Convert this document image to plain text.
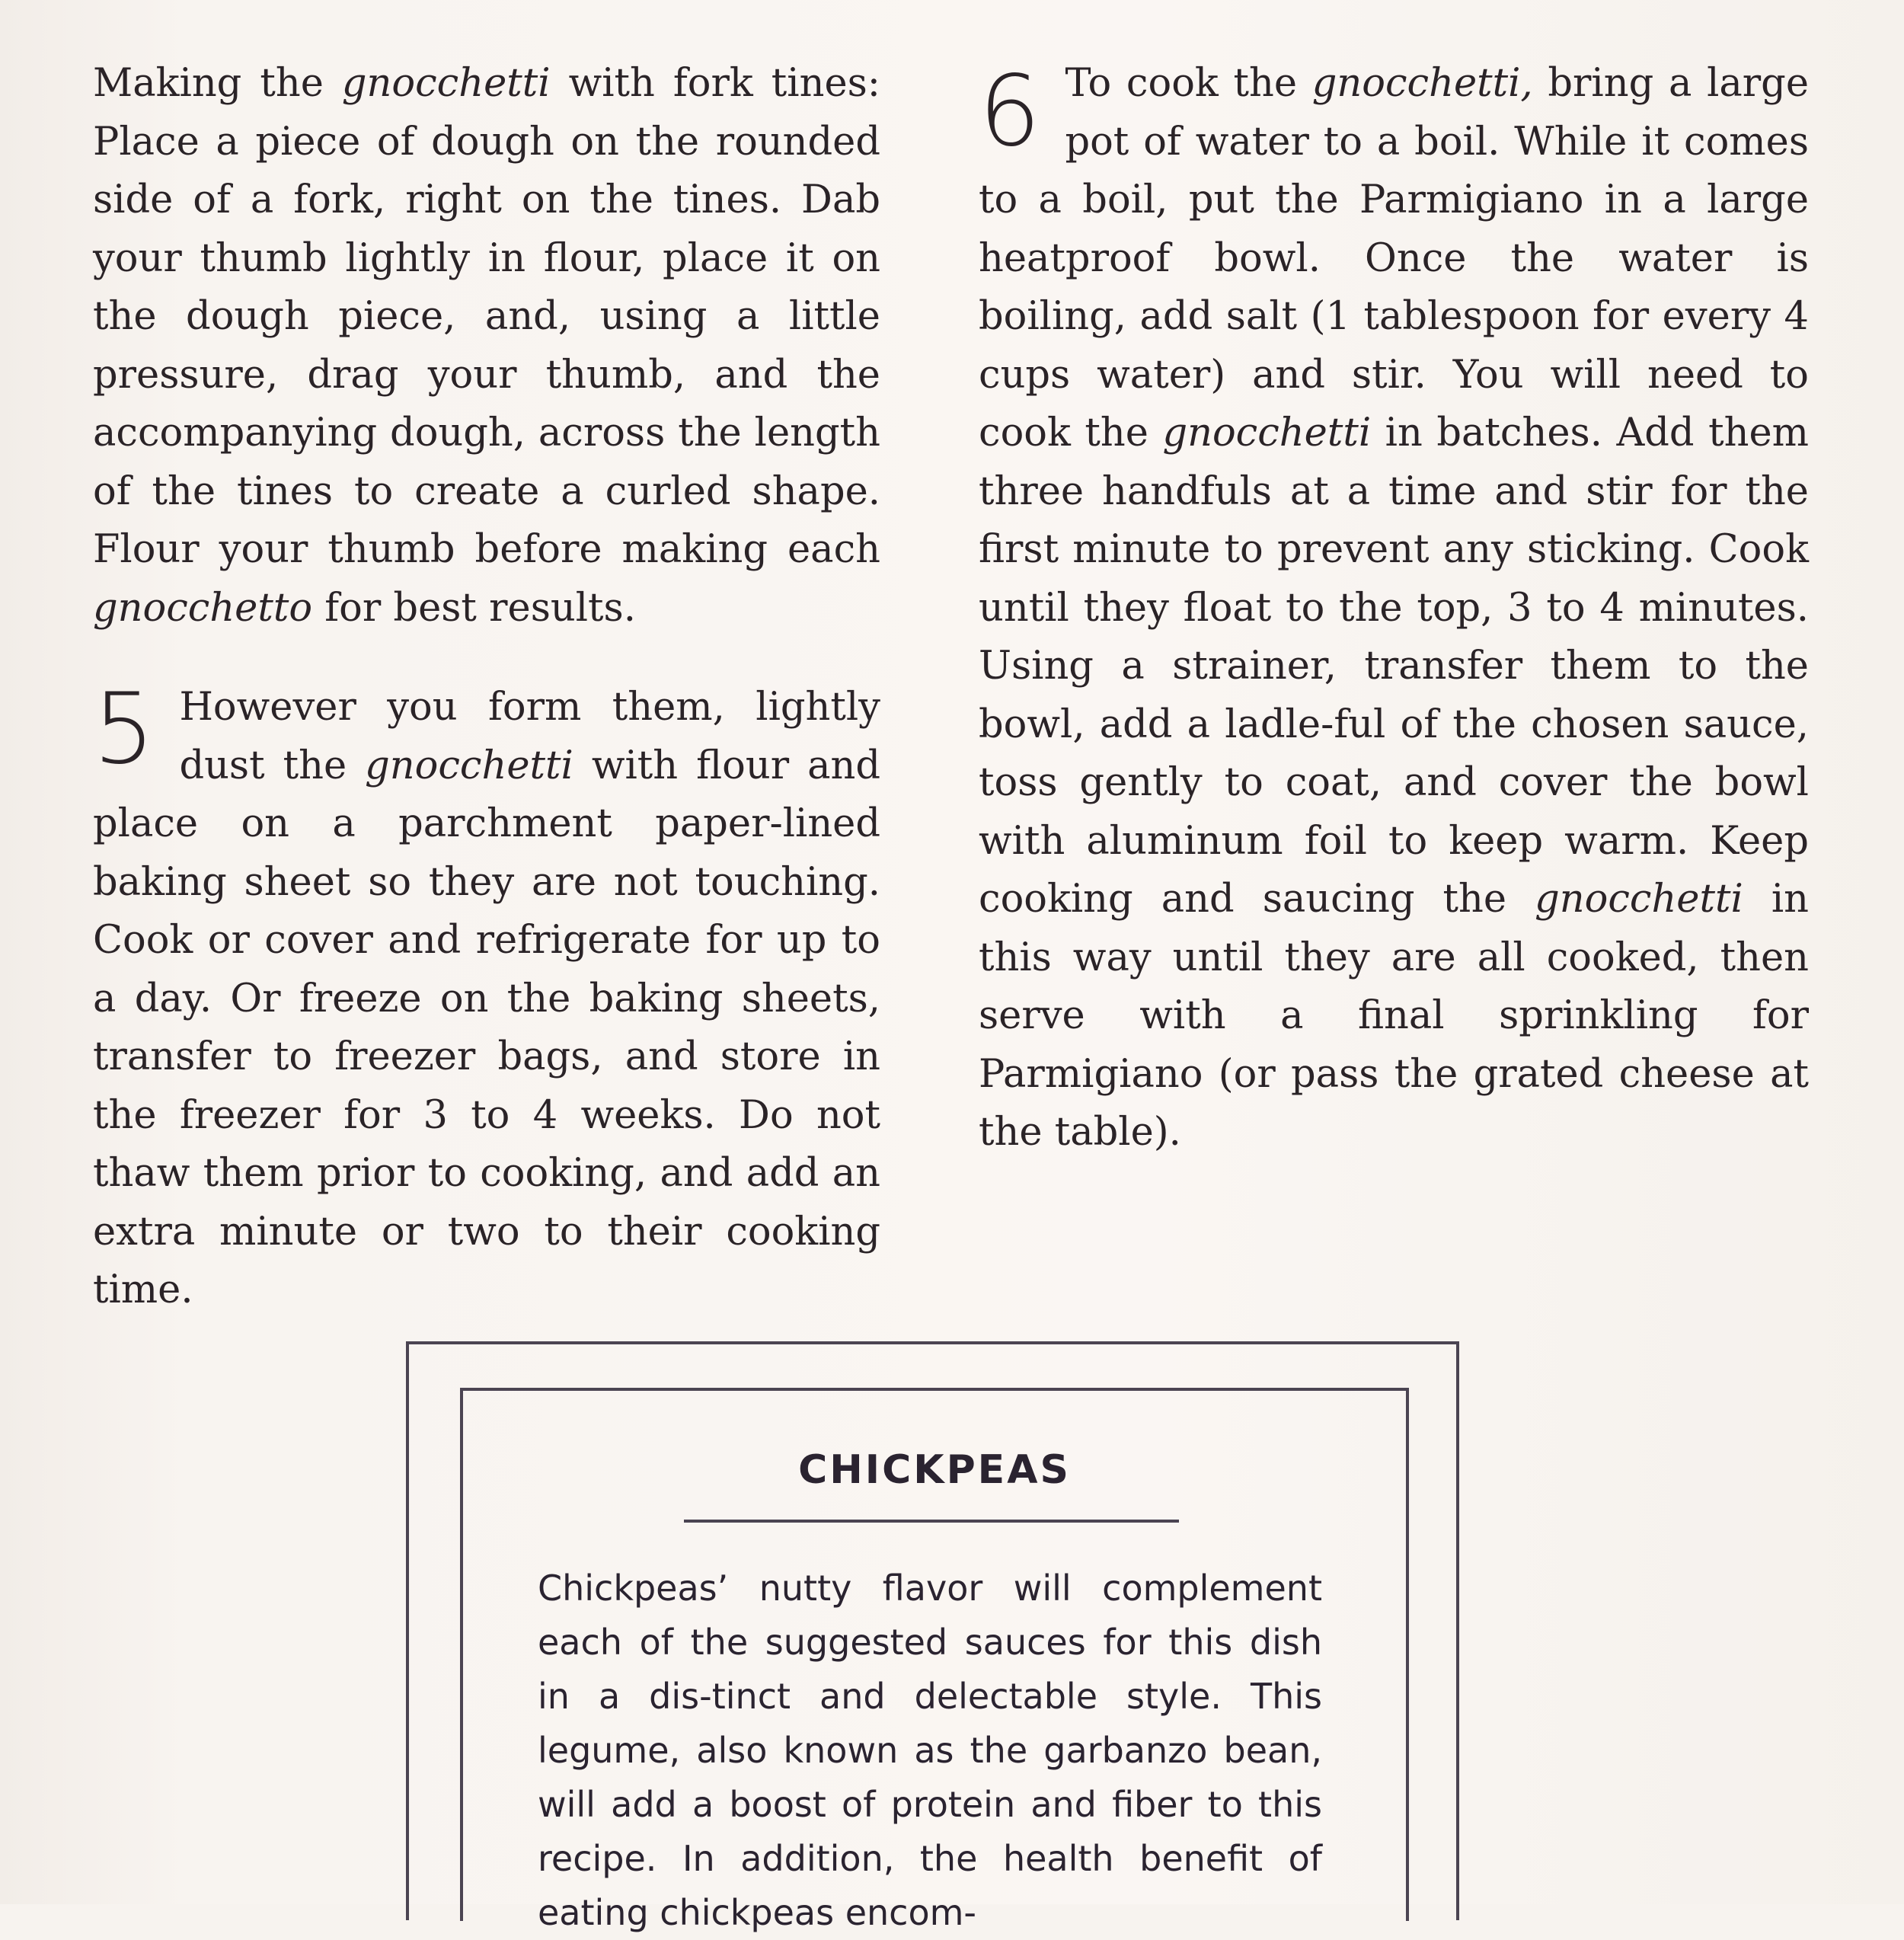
Making the gnocchetti with fork tines: Place a piece of dough on the rounded side of a fork, right on the tines. Dab your thumb lightly in flour, place it on the dough piece, and, using a little pressure, drag your thumb, and the accompanying dough, across the length of the tines to create a curled shape. Flour your thumb before making each gnocchetto for best results.

5 However you form them, lightly dust the gnocchetti with flour and place on a parchment paper-lined baking sheet so they are not touching. Cook or cover and refrigerate for up to a day. Or freeze on the baking sheets, transfer to freezer bags, and store in the freezer for 3 to 4 weeks. Do not thaw them prior to cooking, and add an extra minute or two to their cooking time.

6 To cook the gnocchetti, bring a large pot of water to a boil. While it comes to a boil, put the Parmigiano in a large heatproof bowl. Once the water is boiling, add salt (1 tablespoon for every 4 cups water) and stir. You will need to cook the gnocchetti in batches. Add them three handfuls at a time and stir for the first minute to prevent any sticking. Cook until they float to the top, 3 to 4 minutes. Using a strainer, transfer them to the bowl, add a ladle-ful of the chosen sauce, toss gently to coat, and cover the bowl with aluminum foil to keep warm. Keep cooking and saucing the gnocchetti in this way until they are all cooked, then serve with a final sprinkling for Parmigiano (or pass the grated cheese at the table).

CHICKPEAS
Chickpeas’ nutty flavor will complement each of the suggested sauces for this dish in a dis-tinct and delectable style. This legume, also known as the garbanzo bean, will add a boost of protein and fiber to this recipe. In addition, the health benefit of eating chickpeas encom-
